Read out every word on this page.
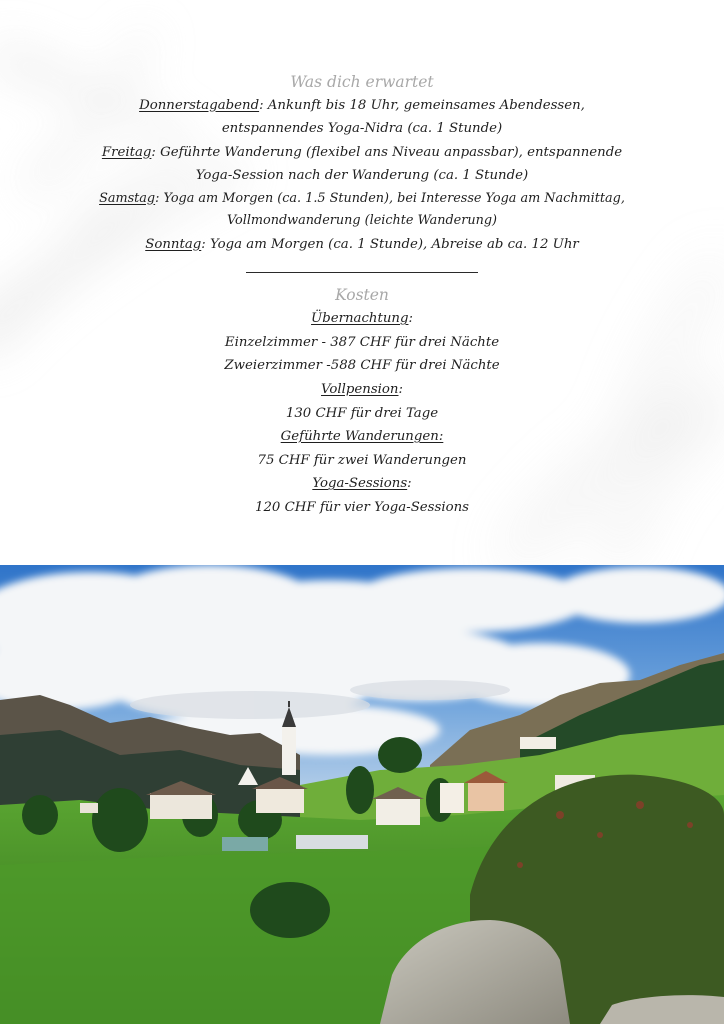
Was dich erwartet

Donnerstagabend: Ankunft bis 18 Uhr, gemeinsames Abendessen,

entspannendes Yoga-Nidra (ca. 1 Stunde)

Freitag: Geführte Wanderung (flexibel ans Niveau anpassbar), entspannende

Yoga-Session nach der Wanderung (ca. 1 Stunde)

Samstag: Yoga am Morgen (ca. 1.5 Stunden), bei Interesse Yoga am Nachmittag,

Vollmondwanderung (leichte Wanderung)

Sonntag: Yoga am Morgen (ca. 1 Stunde), Abreise ab ca. 12 Uhr

Kosten

Übernachtung:

Einzelzimmer - 387 CHF für drei Nächte

Zweierzimmer -588 CHF für drei Nächte

Vollpension:

130 CHF für drei Tage

Geführte Wanderungen:

75 CHF für zwei Wanderungen

Yoga-Sessions:

120 CHF für vier Yoga-Sessions
